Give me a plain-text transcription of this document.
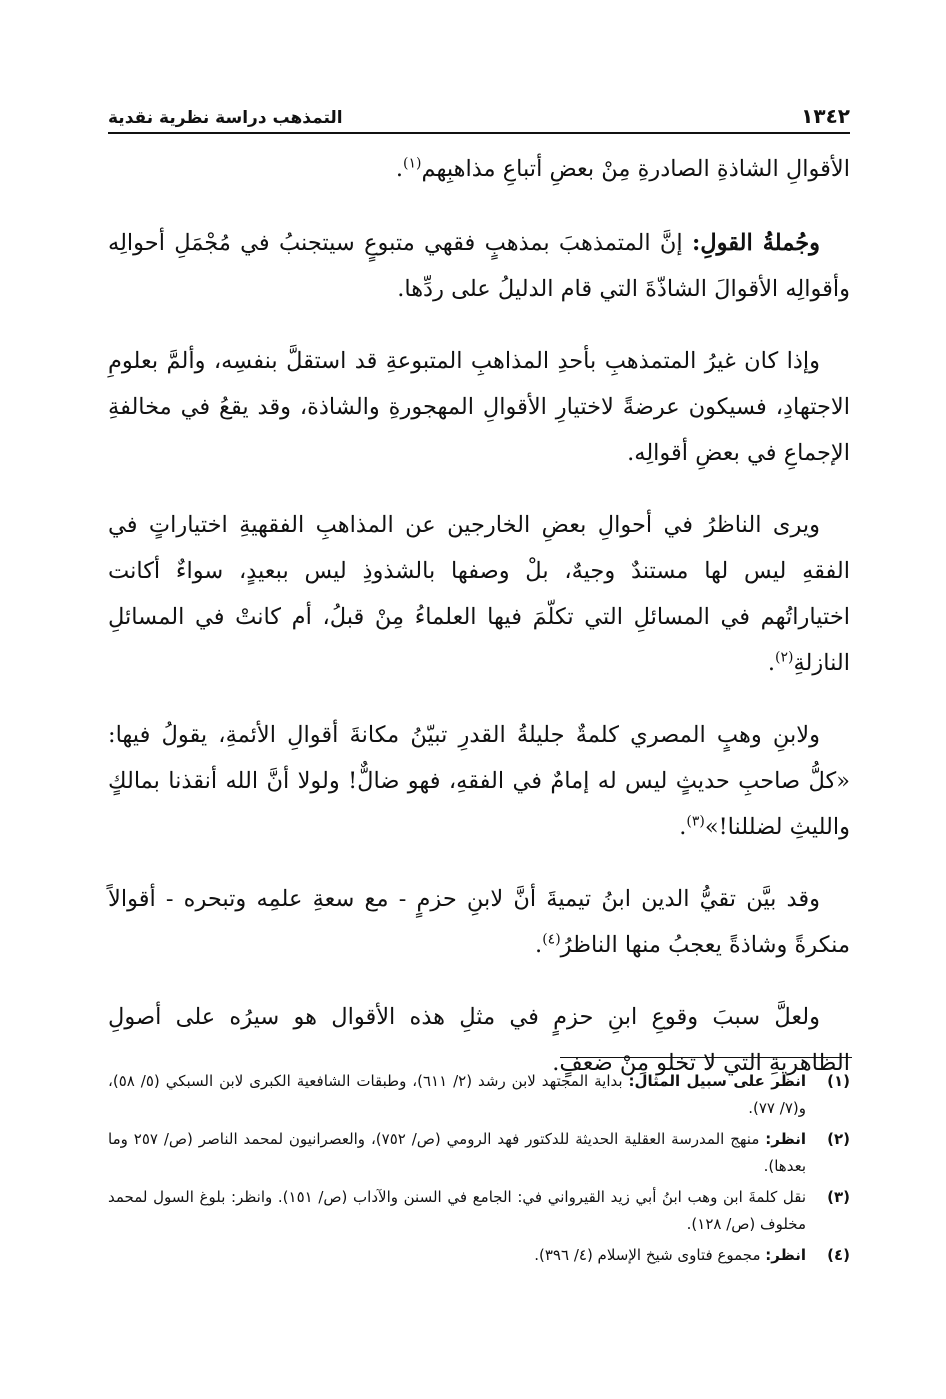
١٣٤٢
التمذهب دراسة نظرية نقدية

الأقوالِ الشاذةِ الصادرةِ مِنْ بعضِ أتباعِ مذاهبِهم$^{(١)}$.

وجُملةُ القولِ: إنَّ المتمذهبَ بمذهبٍ فقهي متبوعٍ سيتجنبُ في مُجْمَلِ أحوالِه وأقوالِه الأقوالَ الشاذّةَ التي قام الدليلُ على ردِّها.

وإذا كان غيرُ المتمذهبِ بأحدِ المذاهبِ المتبوعةِ قد استقلَّ بنفسِه، وألمَّ بعلومِ الاجتهادِ، فسيكون عرضةً لاختيارِ الأقوالِ المهجورةِ والشاذة، وقد يقعُ في مخالفةِ الإجماعِ في بعضِ أقوالِه.

ويرى الناظرُ في أحوالِ بعضِ الخارجين عن المذاهبِ الفقهيةِ اختياراتٍ في الفقهِ ليس لها مستندٌ وجيهٌ، بلْ وصفها بالشذوذِ ليس ببعيدٍ، سواءٌ أكانت اختياراتُهم في المسائلِ التي تكلّمَ فيها العلماءُ مِنْ قبلُ، أم كانتْ في المسائلِ النازلةِ$^{(٢)}$.

ولابنِ وهبٍ المصري كلمةٌ جليلةُ القدرِ تبيّنُ مكانةَ أقوالِ الأئمةِ، يقولُ فيها: «كلُّ صاحبِ حديثٍ ليس له إمامٌ في الفقهِ، فهو ضالٌّ! ولولا أنَّ الله أنقذنا بمالكٍ والليثِ لضللنا!»$^{(٣)}$.

وقد بيَّن تقيُّ الدين ابنُ تيميةَ أنَّ لابنِ حزمٍ - مع سعةِ علمِه وتبحره - أقوالاً منكرةً وشاذةً يعجبُ منها الناظرُ$^{(٤)}$.

ولعلَّ سببَ وقوعِ ابنِ حزمٍ في مثلِ هذه الأقوال هو سيرُه على أصولِ الظاهريةِ التي لا تخلو مِنْ ضعفٍ.

(١)
انظر على سبيل المثال: بداية المجتهد لابن رشد (٢/ ٦١١)، وطبقات الشافعية الكبرى لابن السبكي (٥/ ٥٨)، و(٧/ ٧٧).
(٢)
انظر: منهج المدرسة العقلية الحديثة للدكتور فهد الرومي (ص/ ٧٥٢)، والعصرانيون لمحمد الناصر (ص/ ٢٥٧ وما بعدها).
(٣)
نقل كلمةَ ابن وهب ابنُ أبي زيد القيرواني في: الجامع في السنن والآداب (ص/ ١٥١). وانظر: بلوغ السول لمحمد مخلوف (ص/ ١٢٨).
(٤)
انظر: مجموع فتاوى شيخ الإسلام (٤/ ٣٩٦).
